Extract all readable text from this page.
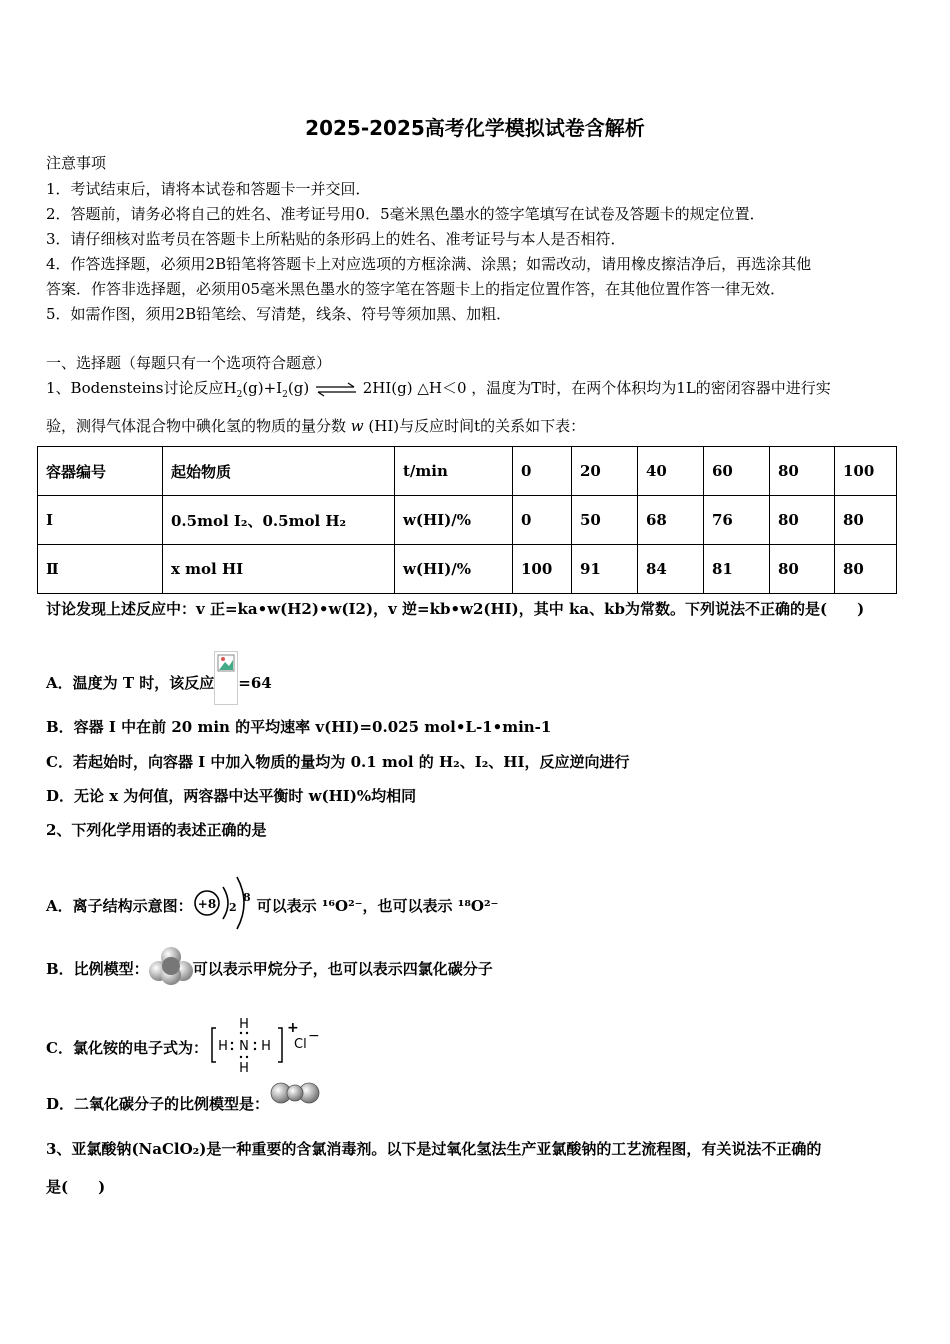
2025-2025高考化学模拟试卷含解析
注意事项
1．考试结束后，请将本试卷和答题卡一并交回．
2．答题前，请务必将自己的姓名、准考证号用0．5毫米黑色墨水的签字笔填写在试卷及答题卡的规定位置．
3．请仔细核对监考员在答题卡上所粘贴的条形码上的姓名、准考证号与本人是否相符．
4．作答选择题，必须用2B铅笔将答题卡上对应选项的方框涂满、涂黑；如需改动，请用橡皮擦洁净后，再选涂其他
答案．作答非选择题，必须用05毫米黑色墨水的签字笔在答题卡上的指定位置作答，在其他位置作答一律无效．
5．如需作图，须用2B铅笔绘、写清楚，线条、符号等须加黑、加粗．
一、选择题（每题只有一个选项符合题意）
1、Bodensteins讨论反应$H_2(g)+I_2(g)$ ⇌ 2HI(g) △H＜0 ，温度为T时，在两个体积均为1L的密闭容器中进行实
验，测得气体混合物中碘化氢的物质的量分数 w (HI)与反应时间t的关系如下表：
容器编号	起始物质	t/min	0	20	40	60	80	100
Ⅰ	0.5mol I₂、0.5mol H₂	w(HI)/%	0	50	68	76	80	80
Ⅱ	x mol HI	w(HI)/%	100	91	84	81	80	80
讨论发现上述反应中：v 正=ka•w(H2)•w(I2)，v 逆=kb•w2(HI)，其中 ka、kb为常数。下列说法不正确的是(　　)
A．温度为 T 时，该反应 =64
B．容器 I 中在前 20 min 的平均速率 v(HI)=0.025 mol•L-1•min-1
C．若起始时，向容器 I 中加入物质的量均为 0.1 mol 的 H₂、I₂、HI，反应逆向进行
D．无论 x 为何值，两容器中达平衡时 w(HI)%均相同
2、下列化学用语的表述正确的是
A．离子结构示意图： +8 2
8 可以表示 ¹⁶O²⁻，也可以表示 ¹⁸O²⁻
B．比例模型：	可以表示甲烷分子，也可以表示四氯化碳分子
C．氯化铵的电子式为：
H
H
H	H
N
+
Cl
−
D．二氧化碳分子的比例模型是：
3、亚氯酸钠(NaClO₂)是一种重要的含氯消毒剂。以下是过氧化氢法生产亚氯酸钠的工艺流程图，有关说法不正确的
是(　　)
